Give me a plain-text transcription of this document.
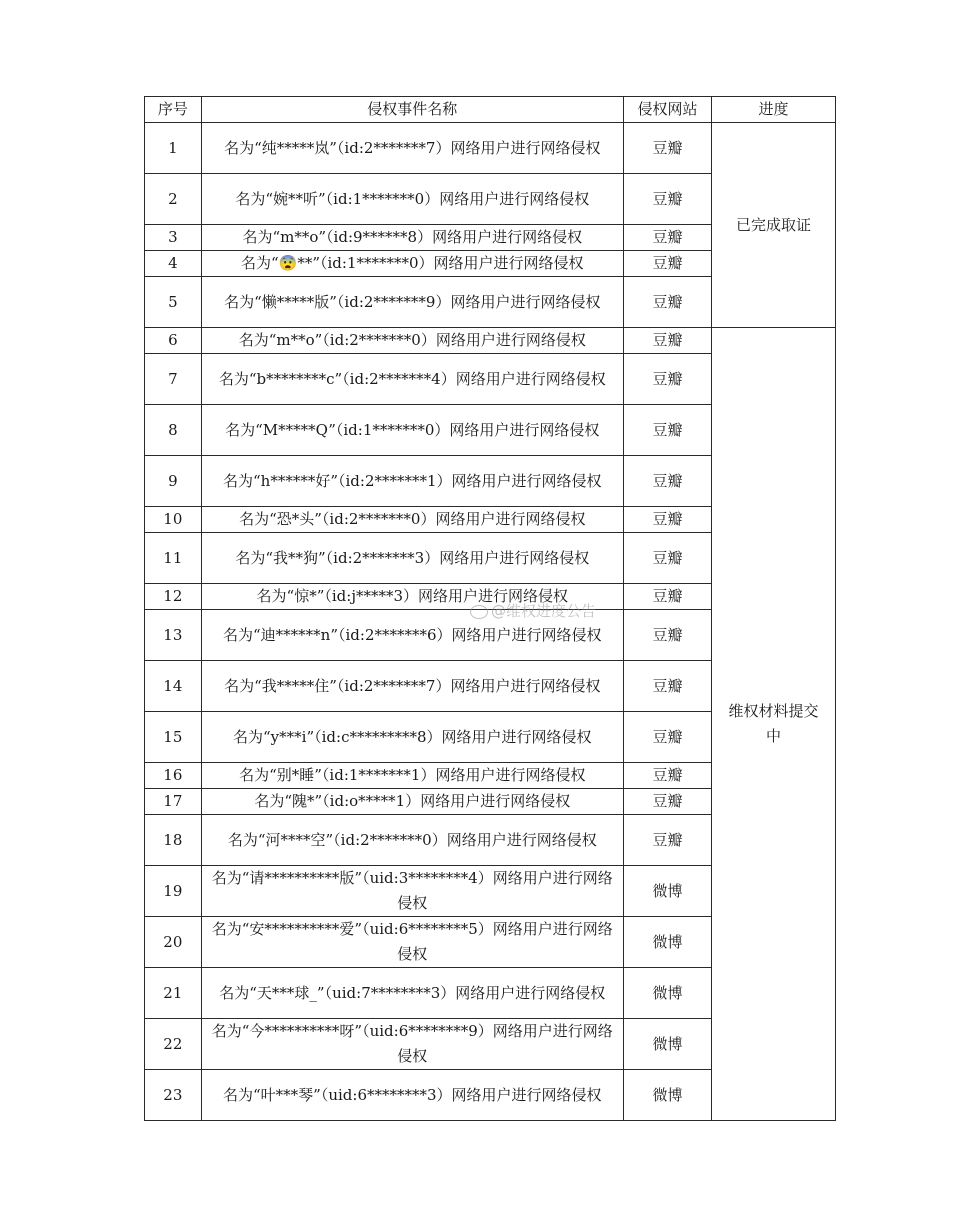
序号	侵权事件名称	侵权网站	进度
1	名为“纯*****岚”（id:2*******7）网络用户进行网络侵权	豆瓣	已完成取证
2	名为“婉**听”（id:1*******0）网络用户进行网络侵权	豆瓣	
3	名为“m**o”（id:9******8）网络用户进行网络侵权	豆瓣	
4	名为“😨**”（id:1*******0）网络用户进行网络侵权	豆瓣	
5	名为“懒*****版”（id:2*******9）网络用户进行网络侵权	豆瓣	
6	名为“m**o”（id:2*******0）网络用户进行网络侵权	豆瓣	维权材料提交中
7	名为“b********c”（id:2*******4）网络用户进行网络侵权	豆瓣	
8	名为“M*****Q”（id:1*******0）网络用户进行网络侵权	豆瓣	
9	名为“h******好”（id:2*******1）网络用户进行网络侵权	豆瓣	
10	名为“恐*头”（id:2*******0）网络用户进行网络侵权	豆瓣	
11	名为“我**狗”（id:2*******3）网络用户进行网络侵权	豆瓣	
12	名为“惊*”（id:j*****3）网络用户进行网络侵权	豆瓣	
13	名为“迪******n”（id:2*******6）网络用户进行网络侵权	豆瓣	
14	名为“我*****住”（id:2*******7）网络用户进行网络侵权	豆瓣	
15	名为“y***i”（id:c*********8）网络用户进行网络侵权	豆瓣	
16	名为“别*睡”（id:1*******1）网络用户进行网络侵权	豆瓣	
17	名为“隗*”（id:o*****1）网络用户进行网络侵权	豆瓣	
18	名为“河****空”（id:2*******0）网络用户进行网络侵权	豆瓣	
19	名为“请**********版”（uid:3********4）网络用户进行网络侵权	微博	
20	名为“安**********爱”（uid:6********5）网络用户进行网络侵权	微博	
21	名为“天***球_”（uid:7********3）网络用户进行网络侵权	微博	
22	名为“今**********呀”（uid:6********9）网络用户进行网络侵权	微博	
23	名为“叶***琴”（uid:6********3）网络用户进行网络侵权	微博	
@维权进度公告
